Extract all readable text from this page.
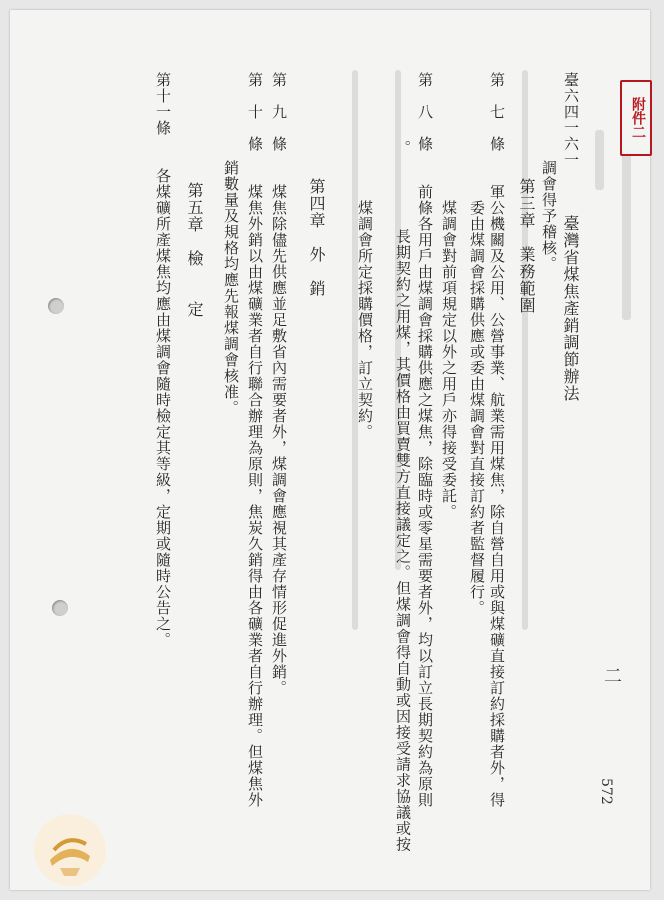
臺六四一六一
臺灣省煤焦產銷調節辦法
調會得予稽核。
第三章　業務範圍
第　七　條　　軍公機關及公用、公營事業、航業需用煤焦，除自營自用或與煤礦直接訂約採購者外，得
委由煤調會採購供應或委由煤調會對直接訂約者監督履行。
煤調會對前項規定以外之用戶亦得接受委託。
第　八　條　　前條各用戶由煤調會採購供應之煤焦，除臨時或零星需要者外，均以訂立長期契約為原則
。　　　　　長期契約之用煤，其價格由買賣雙方直接議定之。但煤調會得自動或因接受請求協議或按
煤調會所定採購價格，訂立契約。
第四章　外　銷
第　九　條　　煤焦除儘先供應並足敷省內需要者外，煤調會應視其產存情形促進外銷。
第　十　條　　煤焦外銷以由煤礦業者自行聯合辦理為原則，焦炭久銷得由各礦業者自行辦理。但煤焦外
銷數量及規格均應先報煤調會核准。
第五章　檢　　定
第十一條　　各煤礦所產煤焦均應由煤調會隨時檢定其等級，定期或隨時公告之。
二
572
附件二
